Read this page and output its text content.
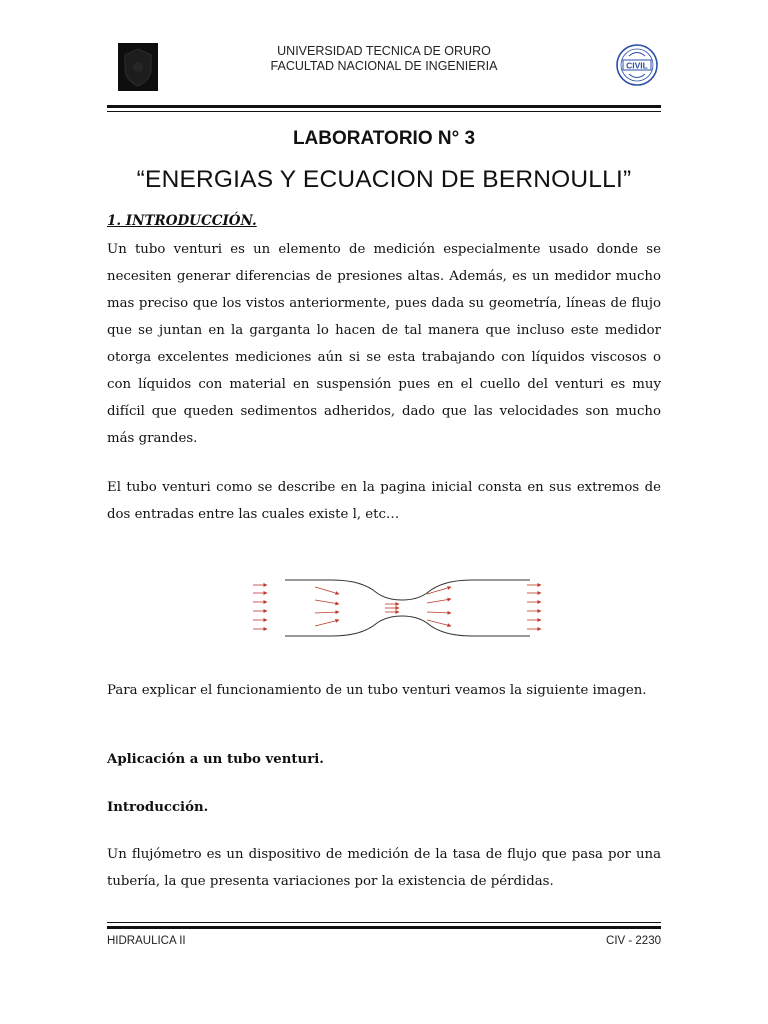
UNIVERSIDAD TECNICA DE ORURO
FACULTAD NACIONAL DE INGENIERIA	CIVIL
LABORATORIO N° 3
“ENERGIAS Y ECUACION DE BERNOULLI”
1. INTRODUCCIÓN.

Un tubo venturi es un elemento de medición especialmente usado donde se necesiten generar diferencias de presiones altas. Además, es un medidor mucho mas preciso que los vistos anteriormente, pues dada su geometría, líneas de flujo que se juntan en la garganta lo hacen de tal manera que incluso este medidor otorga excelentes mediciones aún si se esta trabajando con líquidos viscosos o con líquidos con material en suspensión pues en el cuello del venturi es muy difícil que queden sedimentos adheridos, dado que las velocidades son mucho más grandes.

El tubo venturi como se describe en la pagina inicial consta en sus extremos de dos entradas entre las cuales existe l, etc…

Para explicar el funcionamiento de un tubo venturi veamos la siguiente imagen.

Aplicación a un tubo venturi.
Introducción.

Un flujómetro es un dispositivo de medición de la tasa de flujo que pasa por una tubería, la que presenta variaciones por la existencia de pérdidas.

HIDRAULICA II	CIV - 2230
